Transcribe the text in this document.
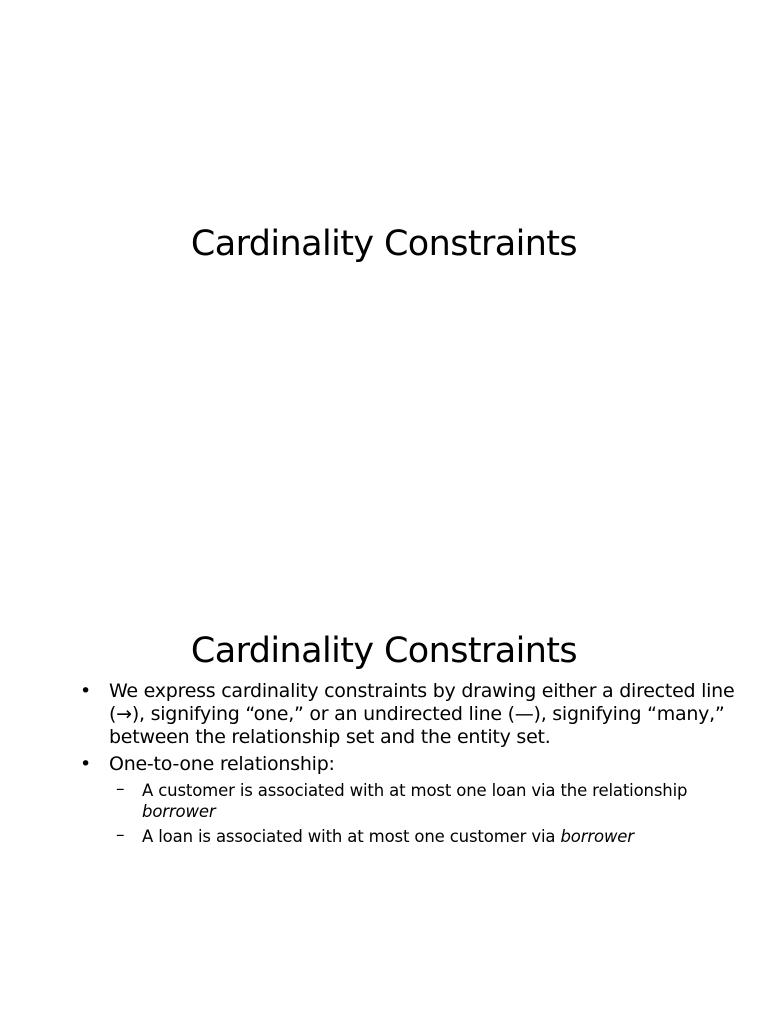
Cardinality Constraints
Cardinality Constraints
• We express cardinality constraints by drawing either a directed line (→), signifying “one,” or an undirected line (—), signifying “many,” between the relationship set and the entity set.
• One-to-one relationship:
– A customer is associated with at most one loan via the relationship borrower
– A loan is associated with at most one customer via borrower
